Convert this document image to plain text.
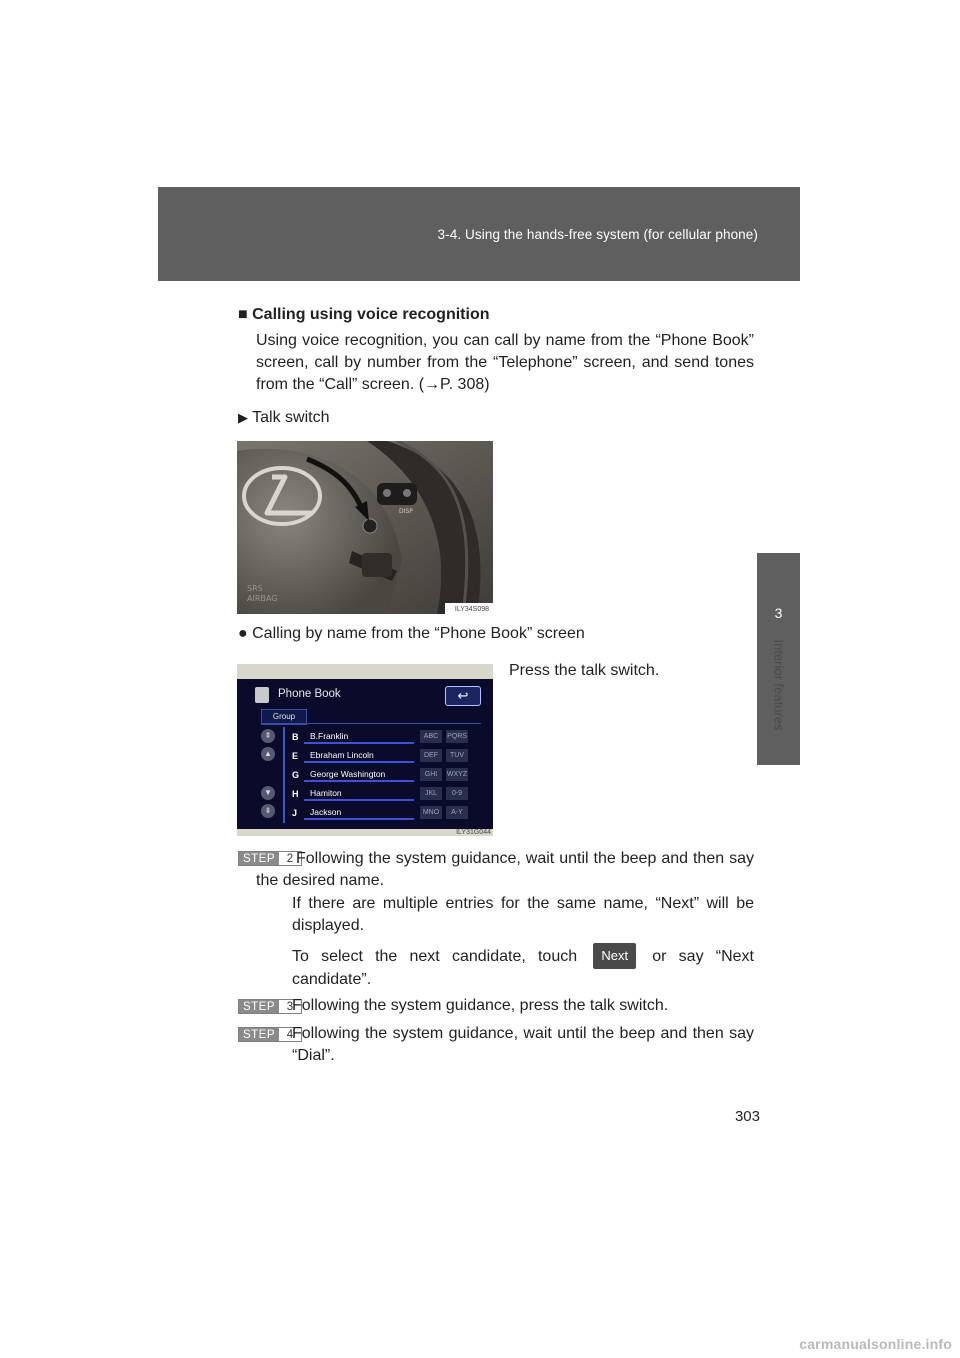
3-4. Using the hands-free system (for cellular phone)
3
Interior features
■ Calling using voice recognition
Using voice recognition, you can call by name from the “Phone Book” screen, call by number from the “Telephone” screen, and send tones from the “Call” screen. (→P. 308)
▶ Talk switch
DISP
SRS
AIRBAG
ILY34S098
● Calling by name from the “Phone Book” screen
Press the talk switch.
Phone Book	↩
Group
⇞
▲
▼
⇟
B	B.Franklin	ABC	PQRS
E	Ebraham Lincoln	DEF	TUV
G	George Washington	GHI	WXYZ
H	Hamiton	JKL	0-9
J	Jackson	MNO	A-Y
ILY31G044
STEP	2 Following the system guidance, wait until the beep and then say the desired name.
If there are multiple entries for the same name, “Next” will be displayed.
To select the next candidate, touch Next or say “Next candidate”.
STEP	3
Following the system guidance, press the talk switch.
STEP	4
Following the system guidance, wait until the beep and then say “Dial”.
303
carmanualsonline.info
